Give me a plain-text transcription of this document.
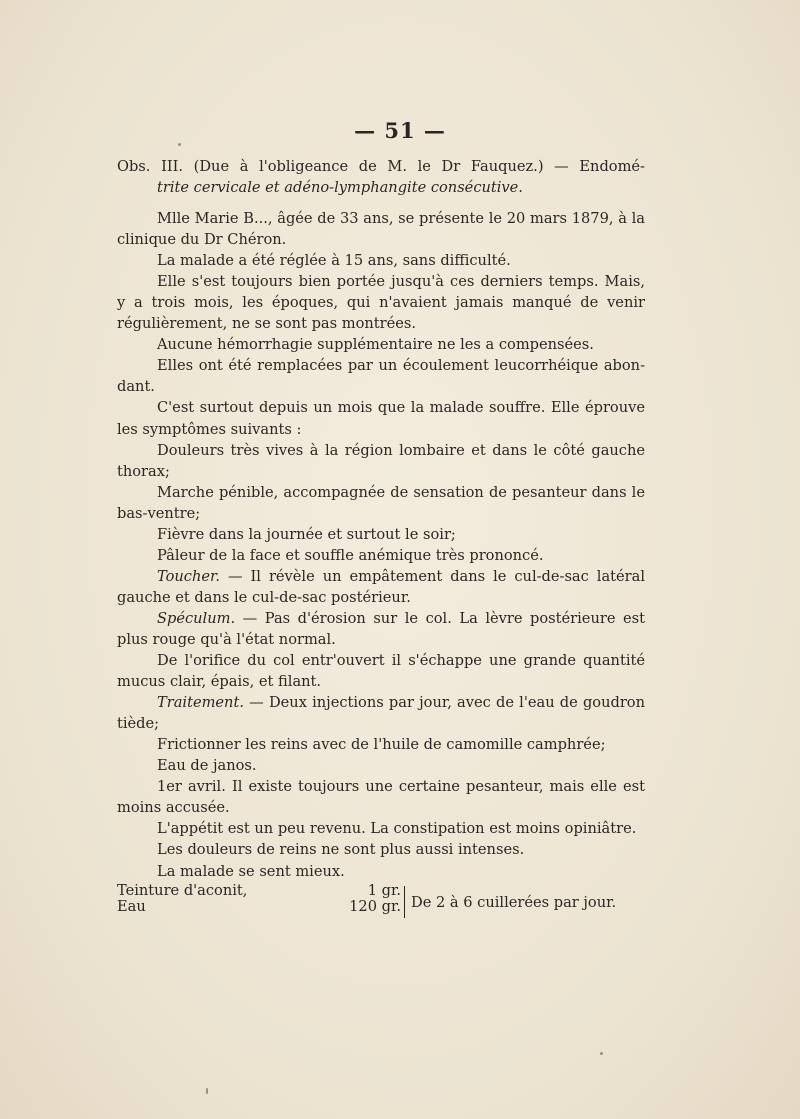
— 51 —
Obs. III. (Due à l'obligeance de M. le Dr Fauquez.) — Endomé-
trite cervicale et adéno-lymphangite consécutive.
Mlle Marie B..., âgée de 33 ans, se présente le 20 mars 1879, à la
clinique du Dr Chéron.
La malade a été réglée à 15 ans, sans difficulté.
Elle s'est toujours bien portée jusqu'à ces derniers temps. Mais,
y a trois mois, les époques, qui n'avaient jamais manqué de venir
régulièrement, ne se sont pas montrées.
Aucune hémorrhagie supplémentaire ne les a compensées.
Elles ont été remplacées par un écoulement leucorrhéique abon-
dant.
C'est surtout depuis un mois que la malade souffre. Elle éprouve
les symptômes suivants :
Douleurs très vives à la région lombaire et dans le côté gauche
thorax;
Marche pénible, accompagnée de sensation de pesanteur dans le
bas-ventre;
Fièvre dans la journée et surtout le soir;
Pâleur de la face et souffle anémique très prononcé.
Toucher. — Il révèle un empâtement dans le cul-de-sac latéral
gauche et dans le cul-de-sac postérieur.
Spéculum. — Pas d'érosion sur le col. La lèvre postérieure est
plus rouge qu'à l'état normal.
De l'orifice du col entr'ouvert il s'échappe une grande quantité
mucus clair, épais, et filant.
Traitement. — Deux injections par jour, avec de l'eau de goudron
tiède;
Frictionner les reins avec de l'huile de camomille camphrée;
Eau de janos.
1er avril. Il existe toujours une certaine pesanteur, mais elle est
moins accusée.
L'appétit est un peu revenu. La constipation est moins opiniâtre.
Les douleurs de reins ne sont plus aussi intenses.
La malade se sent mieux.
Teinture d'aconit,
Eau
1 gr.
120 gr. De 2 à 6 cuillerées par jour.
